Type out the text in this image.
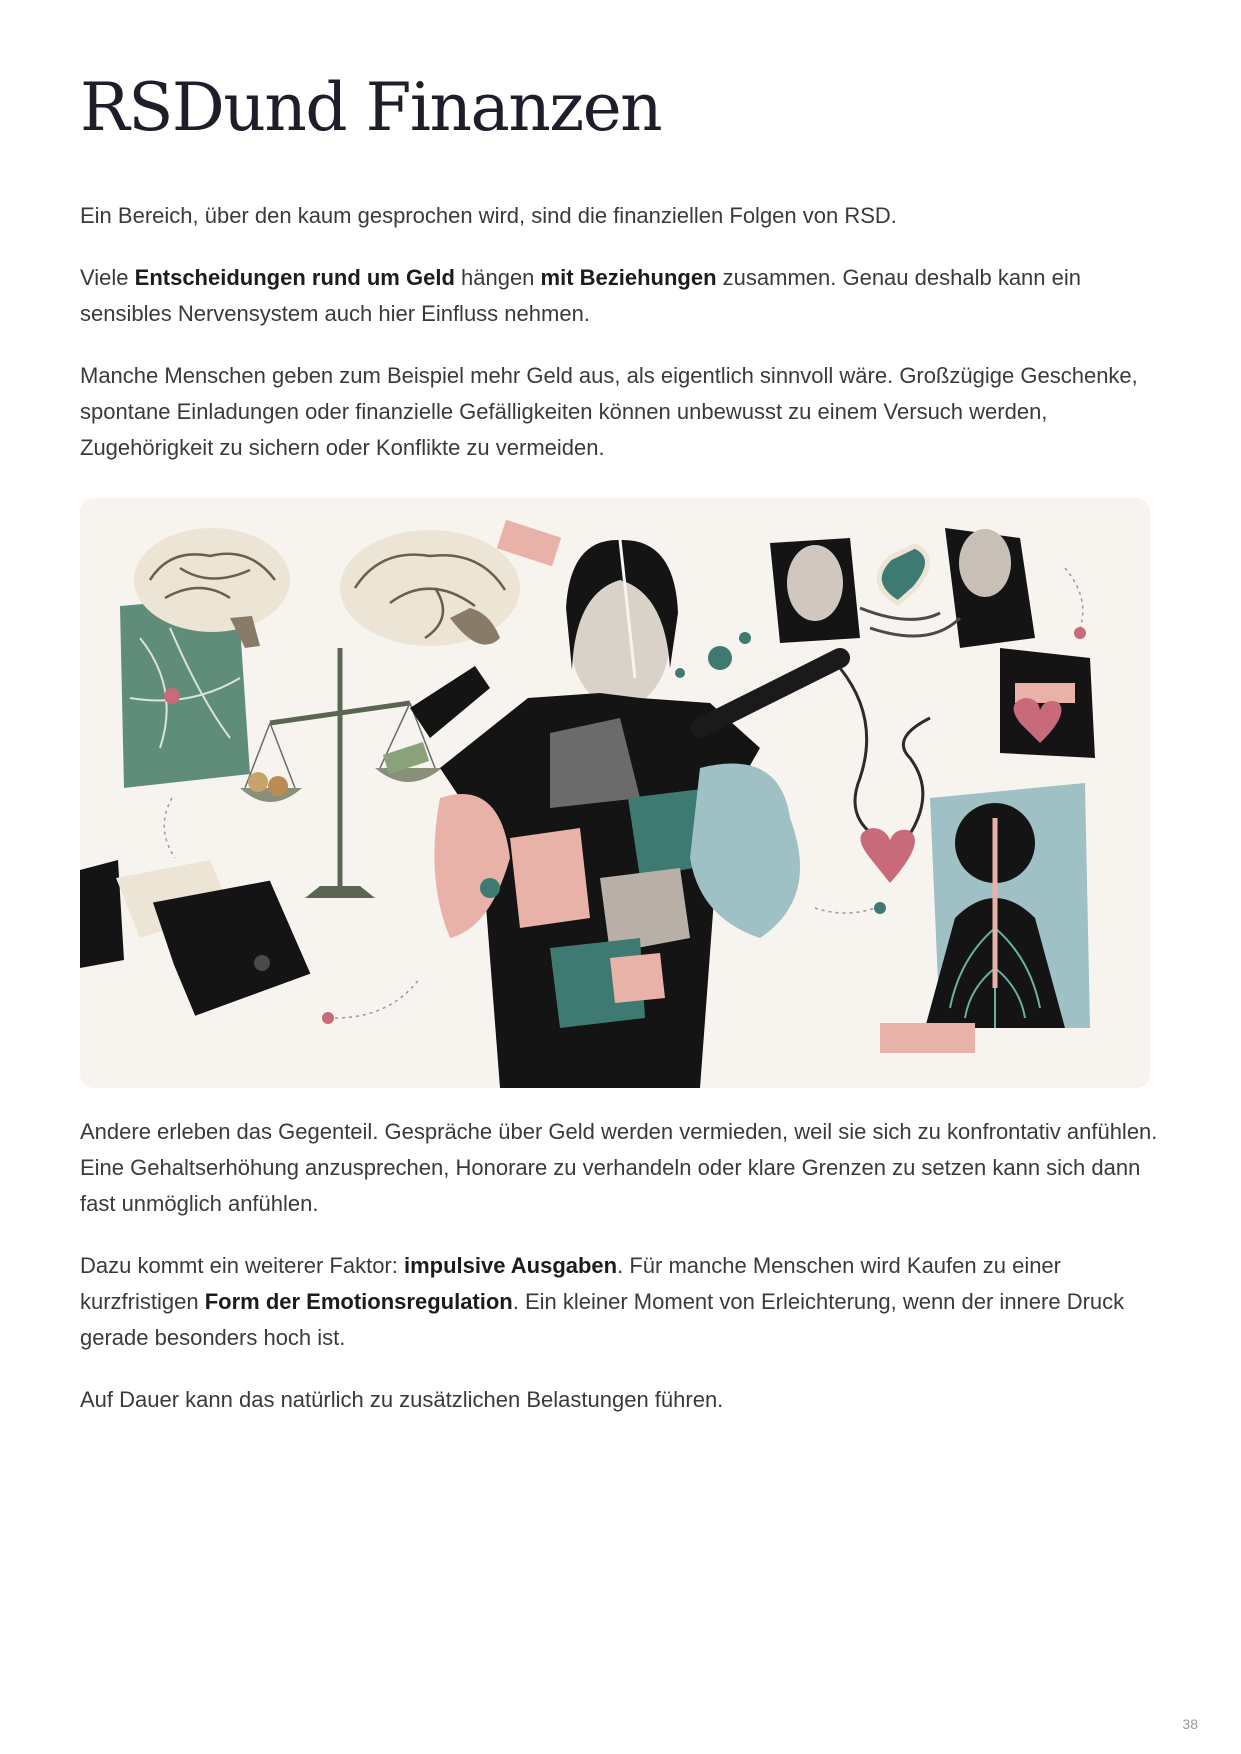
RSDund Finanzen

Ein Bereich, über den kaum gesprochen wird, sind die finanziellen Folgen von RSD.

Viele Entscheidungen rund um Geld hängen mit Beziehungen zusammen. Genau deshalb kann ein sensibles Nervensystem auch hier Einfluss nehmen.

Manche Menschen geben zum Beispiel mehr Geld aus, als eigentlich sinnvoll wäre. Großzügige Geschenke, spontane Einladungen oder finanzielle Gefälligkeiten können unbewusst zu einem Versuch werden, Zugehörigkeit zu sichern oder Konflikte zu vermeiden.

Andere erleben das Gegenteil. Gespräche über Geld werden vermieden, weil sie sich zu konfrontativ anfühlen. Eine Gehaltserhöhung anzusprechen, Honorare zu verhandeln oder klare Grenzen zu setzen kann sich dann fast unmöglich anfühlen.

Dazu kommt ein weiterer Faktor: impulsive Ausgaben. Für manche Menschen wird Kaufen zu einer kurzfristigen Form der Emotionsregulation. Ein kleiner Moment von Erleichterung, wenn der innere Druck gerade besonders hoch ist.

Auf Dauer kann das natürlich zu zusätzlichen Belastungen führen.

38
